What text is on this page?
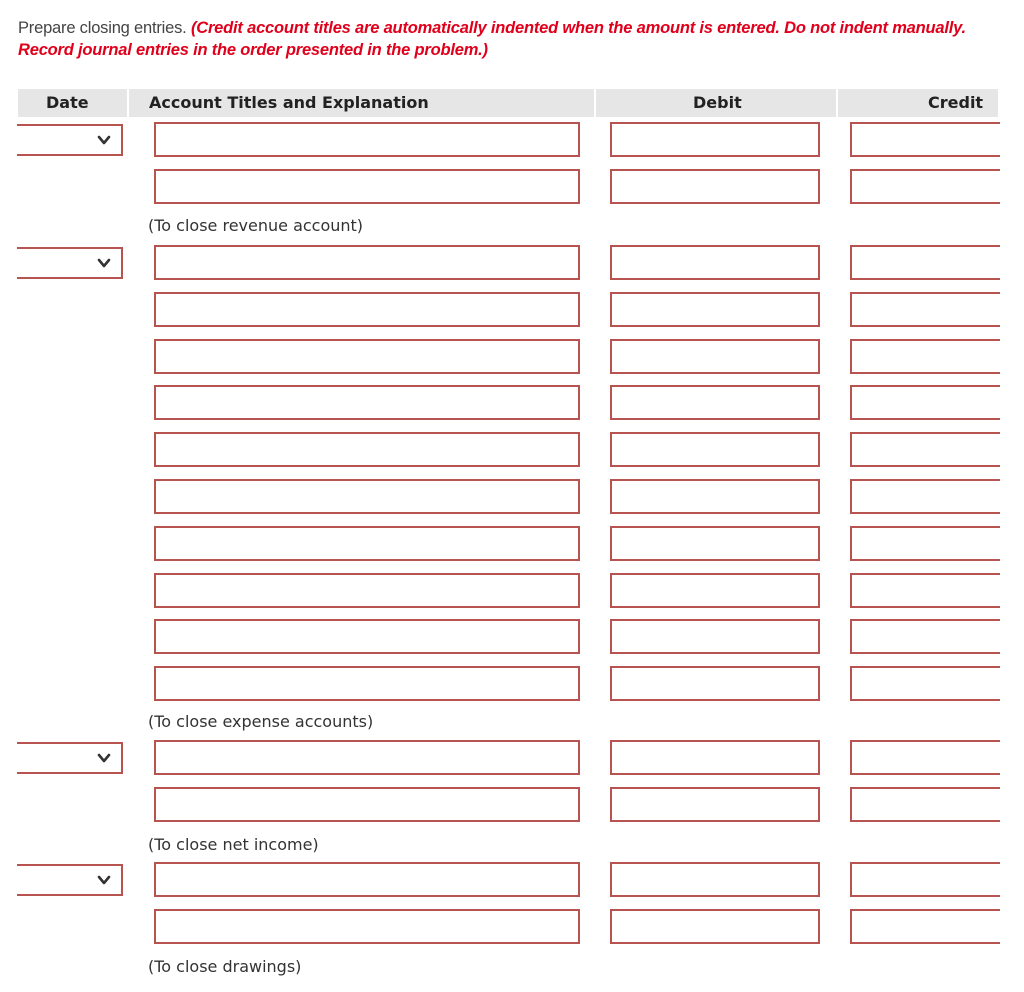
Prepare closing entries. (Credit account titles are automatically indented when the amount is entered. Do not indent manually. Record journal entries in the order presented in the problem.)
Date	Account Titles and Explanation	Debit	Credit
(To close revenue account)
(To close expense accounts)
(To close net income)
(To close drawings)
